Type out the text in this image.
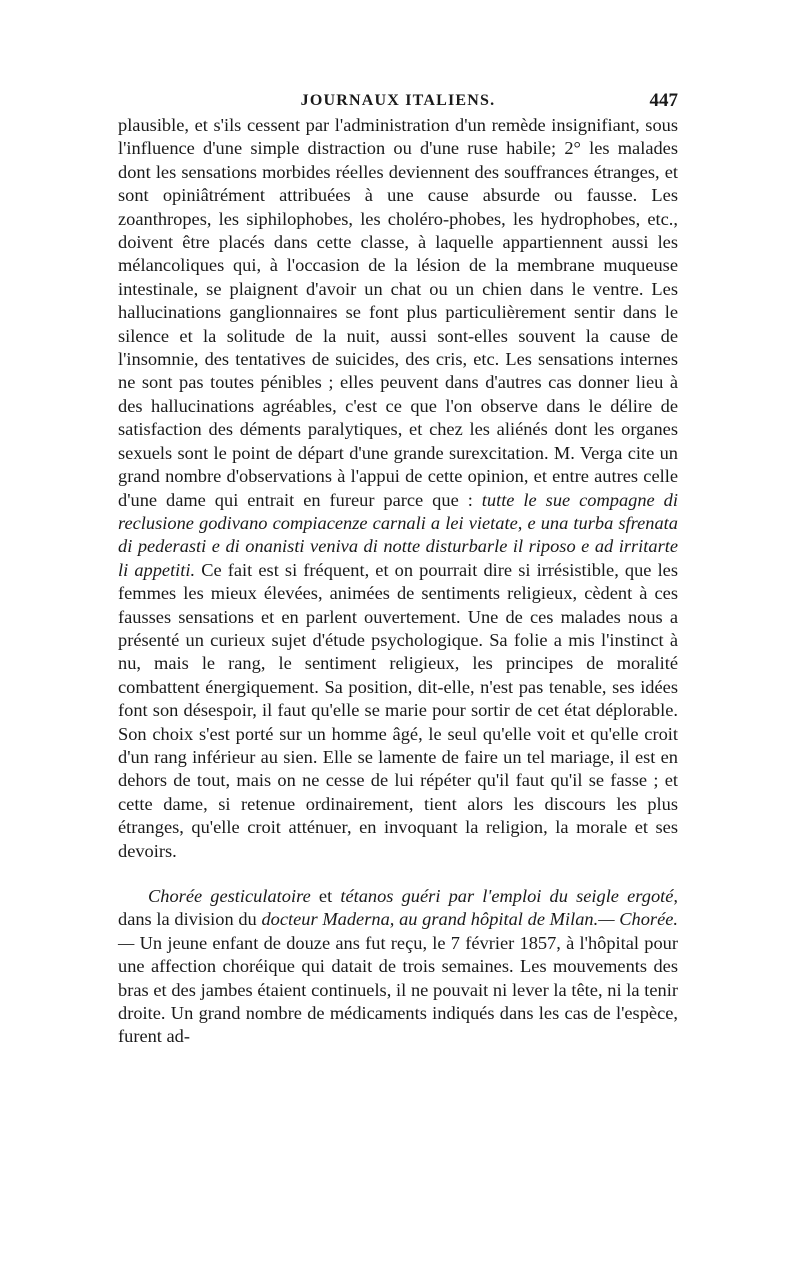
JOURNAUX ITALIENS.	447

plausible, et s'ils cessent par l'administration d'un remède insignifiant, sous l'influence d'une simple distraction ou d'une ruse habile; 2° les malades dont les sensations morbides réelles deviennent des souffrances étranges, et sont opiniâtrément attribuées à une cause absurde ou fausse. Les zoanthropes, les siphilophobes, les choléro-phobes, les hydrophobes, etc., doivent être placés dans cette classe, à laquelle appartiennent aussi les mélancoliques qui, à l'occasion de la lésion de la membrane muqueuse intestinale, se plaignent d'avoir un chat ou un chien dans le ventre. Les hallucinations ganglionnaires se font plus particulièrement sentir dans le silence et la solitude de la nuit, aussi sont-elles souvent la cause de l'insomnie, des tentatives de suicides, des cris, etc. Les sensations internes ne sont pas toutes pénibles ; elles peuvent dans d'autres cas donner lieu à des hallucinations agréables, c'est ce que l'on observe dans le délire de satisfaction des déments paralytiques, et chez les aliénés dont les organes sexuels sont le point de départ d'une grande surexcitation. M. Verga cite un grand nombre d'observations à l'appui de cette opinion, et entre autres celle d'une dame qui entrait en fureur parce que : tutte le sue compagne di reclusione godivano compiacenze carnali a lei vietate, e una turba sfrenata di pederasti e di onanisti veniva di notte disturbarle il riposo e ad irritarte li appetiti. Ce fait est si fréquent, et on pourrait dire si irrésistible, que les femmes les mieux élevées, animées de sentiments religieux, cèdent à ces fausses sensations et en parlent ouvertement. Une de ces malades nous a présenté un curieux sujet d'étude psychologique. Sa folie a mis l'instinct à nu, mais le rang, le sentiment religieux, les principes de moralité combattent énergiquement. Sa position, dit-elle, n'est pas tenable, ses idées font son désespoir, il faut qu'elle se marie pour sortir de cet état déplorable. Son choix s'est porté sur un homme âgé, le seul qu'elle voit et qu'elle croit d'un rang inférieur au sien. Elle se lamente de faire un tel mariage, il est en dehors de tout, mais on ne cesse de lui répéter qu'il faut qu'il se fasse ; et cette dame, si retenue ordinairement, tient alors les discours les plus étranges, qu'elle croit atténuer, en invoquant la religion, la morale et ses devoirs.

Chorée gesticulatoire et tétanos guéri par l'emploi du seigle ergoté, dans la division du docteur Maderna, au grand hôpital de Milan.— Chorée.— Un jeune enfant de douze ans fut reçu, le 7 février 1857, à l'hôpital pour une affection choréique qui datait de trois semaines. Les mouvements des bras et des jambes étaient continuels, il ne pouvait ni lever la tête, ni la tenir droite. Un grand nombre de médicaments indiqués dans les cas de l'espèce, furent ad-
